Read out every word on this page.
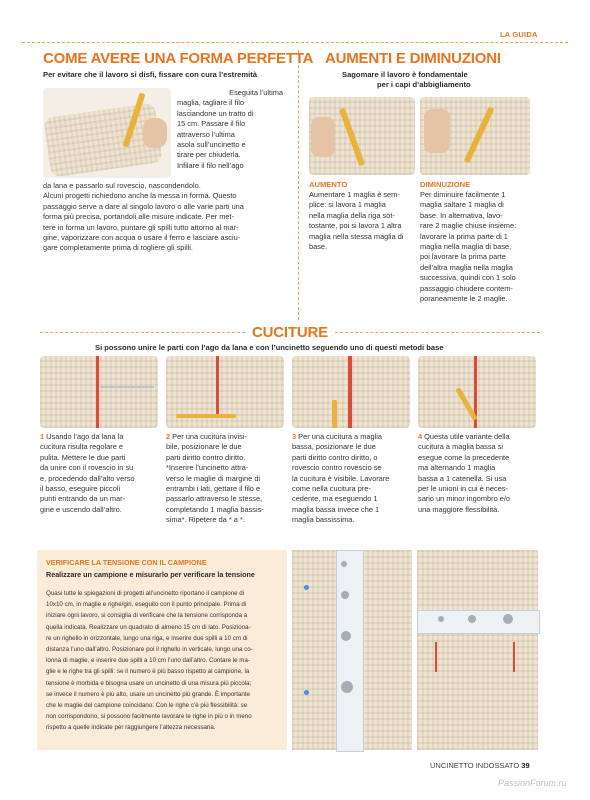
LA GUIDA
COME AVERE UNA FORMA PERFETTA
Per evitare che il lavoro si disfi, fissare con cura l’estremità
Eseguita l’ultima
maglia, tagliare il filo
lasciandone un tratto di
15 cm. Passare il filo
attraverso l’ultima
asola sull’uncinetto e
tirare per chiuderla.
Infilare il filo nell’ago
da lana e passarlo sul rovescio, nascondendolo.
Alcuni progetti richiedono anche la messa in forma. Questo
passaggio serve a dare al singolo lavoro o alle varie parti una
forma più precisa, portandoli alle misure indicate. Per met-
tere in forma un lavoro, puntare gli spilli tutto attorno al mar-
gine, vaporizzare con acqua o usare il ferro e lasciare asciu-
gare completamente prima di togliere gli spilli.
AUMENTI E DIMINUZIONI
Sagomare il lavoro è fondamentale
per i capi d’abbigliamento
AUMENTO
Aumentare 1 maglia è sem-
plice: si lavora 1 maglia
nella maglia della riga sot-
tostante, poi si lavora 1 altra
maglia nella stessa maglia di
base.
DIMINUZIONE
Per diminuire facilmente 1
maglia saltare 1 maglia di
base. In alternativa, lavo-
rare 2 maglie chiuse insieme:
lavorare la prima parte di 1
maglia nella maglia di base,
poi lavorare la prima parte
dell’altra maglia nella maglia
successiva, quindi con 1 solo
passaggio chiudere contem-
poraneamente le 2 maglie.
CUCITURE
Si possono unire le parti con l’ago da lana e con l’uncinetto seguendo uno di questi metodi base
1 Usando l’ago da lana la
cucitura risulta regolare e
pulita. Mettere le due parti
da unire con il rovescio in su
e, procedendo dall’alto verso
il basso, eseguire piccoli
punti entrando da un mar-
gine e uscendo dall’altro.
2 Per una cucitura invisi-
bile, posizionare le due
parti diritto contro diritto.
*Inserire l’uncinetto attra-
verso le maglie di margine di
entrambi i lati, gettare il filo e
passarlo attraverso le stesse,
completando 1 maglia bassis-
sima*. Ripetere da * a *.
3 Per una cucitura a maglia
bassa, posizionare le due
parti diritto contro diritto, o
rovescio contro rovescio se
la cucitura è visibile. Lavorare
come nella cucitura pre-
cedente, ma eseguendo 1
maglia bassa invece che 1
maglia bassissima.
4 Questa utile variante della
cucitura a maglia bassa si
esegue come la precedente
ma alternando 1 maglia
bassa a 1 catenella. Si usa
per le unioni in cui è neces-
sario un minor ingombro e/o
una maggiore flessibilità.
VERIFICARE LA TENSIONE CON IL CAMPIONE
Realizzare un campione e misurarlo per verificare la tensione
Quasi tutte le spiegazioni di progetti all’uncinetto riportano il campione di
10x10 cm, in maglie e righe/giri, eseguito con il punto principale. Prima di
iniziare ogni lavoro, si consiglia di verificare che la tensione corrisponda a
quella indicata. Realizzare un quadrato di almeno 15 cm di lato. Posiziona-
re un righello in orizzontale, lungo una riga, e inserire due spilli a 10 cm di
distanza l’uno dall’altro. Posizionare poi il righello in verticale, lungo una co-
lonna di maglie, e inserire due spilli a 10 cm l’uno dall’altro. Contare le ma-
glie e le righe tra gli spilli: se il numero è più basso rispetto al campione, la
tensione è morbida e bisogna usare un uncinetto di una misura più piccola;
se invece il numero è più alto, usare un uncinetto più grande. È importante
che le maglie del campione coincidano. Con le righe c’è più flessibilità: se
non corrispondono, si possono facilmente lavorare le righe in più o in meno
rispetto a quelle indicate per raggiungere l’altezza necessaria.
UNCINETTO INDOSSATO 39
PassionForum.ru
